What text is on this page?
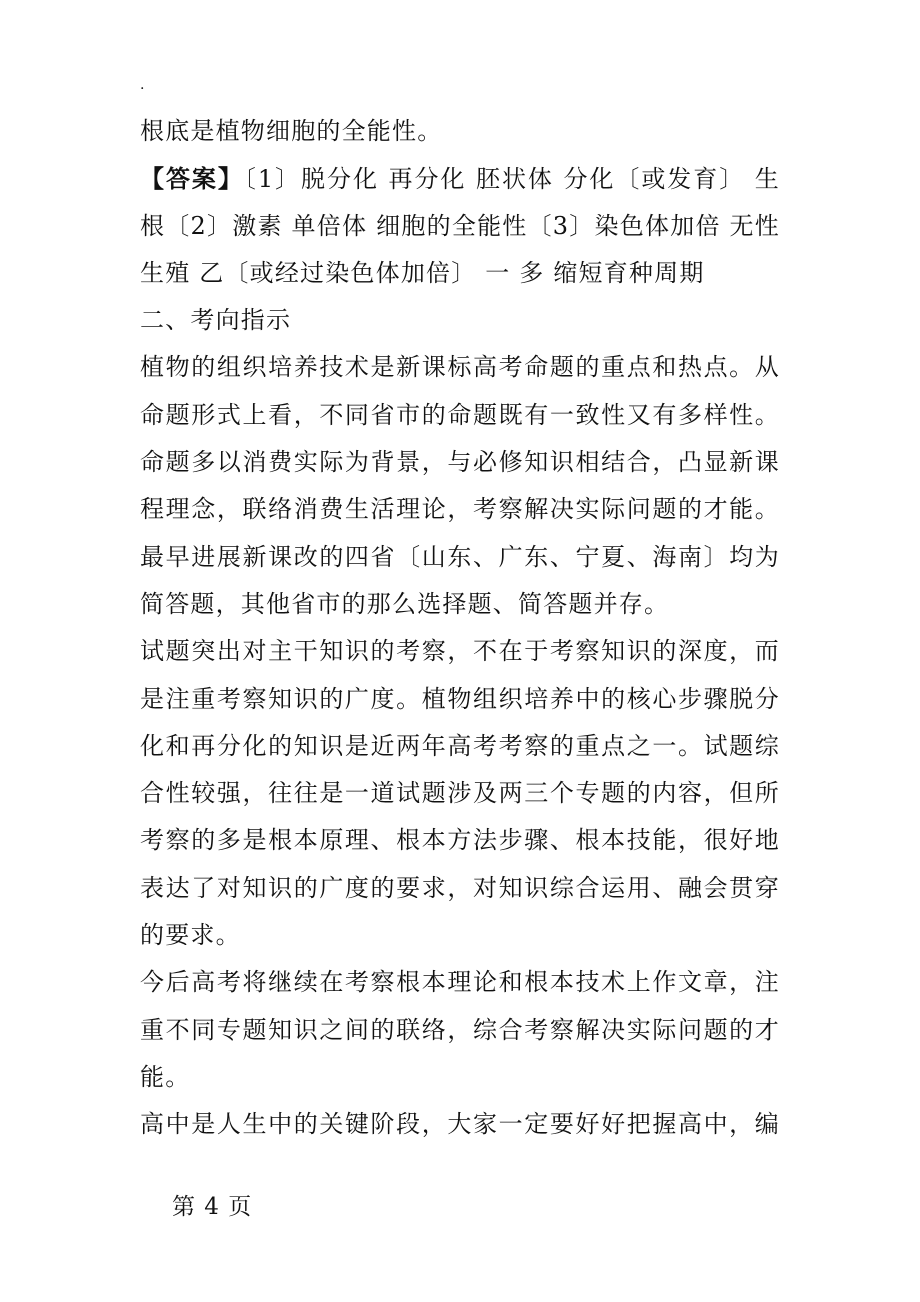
.
根底是植物细胞的全能性。
【答案】〔1〕脱分化 再分化 胚状体 分化〔或发育〕 生
根〔2〕激素 单倍体 细胞的全能性〔3〕染色体加倍 无性
生殖 乙〔或经过染色体加倍〕 一 多 缩短育种周期
二、考向指示
植物的组织培养技术是新课标高考命题的重点和热点。从
命题形式上看，不同省市的命题既有一致性又有多样性。
命题多以消费实际为背景，与必修知识相结合，凸显新课
程理念，联络消费生活理论，考察解决实际问题的才能。
最早进展新课改的四省〔山东、广东、宁夏、海南〕均为
简答题，其他省市的那么选择题、简答题并存。
试题突出对主干知识的考察，不在于考察知识的深度，而
是注重考察知识的广度。植物组织培养中的核心步骤脱分
化和再分化的知识是近两年高考考察的重点之一。试题综
合性较强，往往是一道试题涉及两三个专题的内容，但所
考察的多是根本原理、根本方法步骤、根本技能，很好地
表达了对知识的广度的要求，对知识综合运用、融会贯穿
的要求。
今后高考将继续在考察根本理论和根本技术上作文章，注
重不同专题知识之间的联络，综合考察解决实际问题的才
能。
高中是人生中的关键阶段，大家一定要好好把握高中，编
第 4 页
